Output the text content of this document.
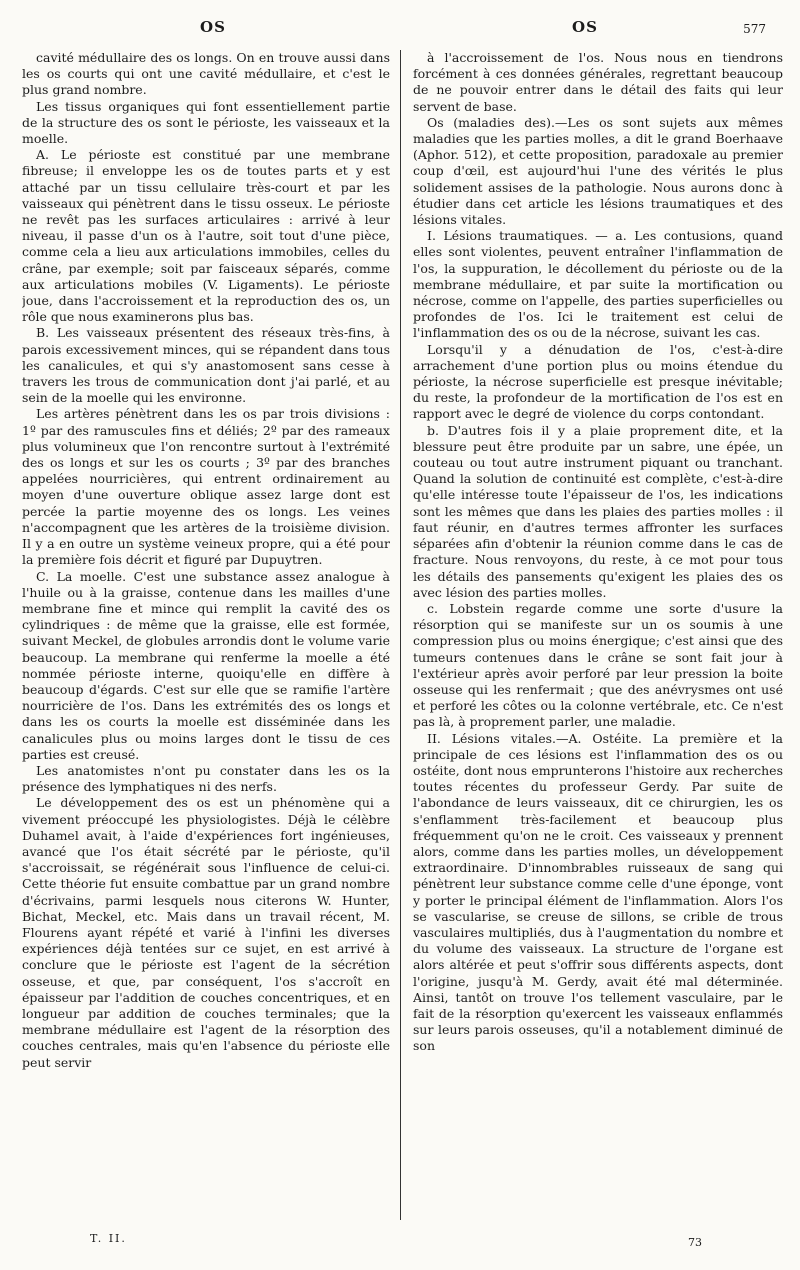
OS	OS	577

cavité médullaire des os longs. On en trouve aussi dans les os courts qui ont une cavité médullaire, et c'est le plus grand nombre.

Les tissus organiques qui font essentiellement partie de la structure des os sont le périoste, les vaisseaux et la moelle.

A. Le périoste est constitué par une membrane fibreuse; il enveloppe les os de toutes parts et y est attaché par un tissu cellulaire très-court et par les vaisseaux qui pénètrent dans le tissu osseux. Le périoste ne revêt pas les surfaces articulaires : arrivé à leur niveau, il passe d'un os à l'autre, soit tout d'une pièce, comme cela a lieu aux articulations immobiles, celles du crâne, par exemple; soit par faisceaux séparés, comme aux articulations mobiles (V. Ligaments). Le périoste joue, dans l'accroissement et la reproduction des os, un rôle que nous examinerons plus bas.

B. Les vaisseaux présentent des réseaux très-fins, à parois excessivement minces, qui se répandent dans tous les canalicules, et qui s'y anastomosent sans cesse à travers les trous de communication dont j'ai parlé, et au sein de la moelle qui les environne.

Les artères pénètrent dans les os par trois divisions : 1º par des ramuscules fins et déliés; 2º par des rameaux plus volumineux que l'on rencontre surtout à l'extrémité des os longs et sur les os courts ; 3º par des branches appelées nourricières, qui entrent ordinairement au moyen d'une ouverture oblique assez large dont est percée la partie moyenne des os longs. Les veines n'accompagnent que les artères de la troisième division. Il y a en outre un système veineux propre, qui a été pour la première fois décrit et figuré par Dupuytren.

C. La moelle. C'est une substance assez analogue à l'huile ou à la graisse, contenue dans les mailles d'une membrane fine et mince qui remplit la cavité des os cylindriques : de même que la graisse, elle est formée, suivant Meckel, de globules arrondis dont le volume varie beaucoup. La membrane qui renferme la moelle a été nommée périoste interne, quoiqu'elle en diffère à beaucoup d'égards. C'est sur elle que se ramifie l'artère nourricière de l'os. Dans les extrémités des os longs et dans les os courts la moelle est disséminée dans les canalicules plus ou moins larges dont le tissu de ces parties est creusé.

Les anatomistes n'ont pu constater dans les os la présence des lymphatiques ni des nerfs.

Le développement des os est un phénomène qui a vivement préoccupé les physiologistes. Déjà le célèbre Duhamel avait, à l'aide d'expériences fort ingénieuses, avancé que l'os était sécrété par le périoste, qu'il s'accroissait, se régénérait sous l'influence de celui-ci. Cette théorie fut ensuite combattue par un grand nombre d'écrivains, parmi lesquels nous citerons W. Hunter, Bichat, Meckel, etc. Mais dans un travail récent, M. Flourens ayant répété et varié à l'infini les diverses expériences déjà tentées sur ce sujet, en est arrivé à conclure que le périoste est l'agent de la sécrétion osseuse, et que, par conséquent, l'os s'accroît en épaisseur par l'addition de couches concentriques, et en longueur par addition de couches terminales; que la membrane médullaire est l'agent de la résorption des couches centrales, mais qu'en l'absence du périoste elle peut servir

à l'accroissement de l'os. Nous nous en tiendrons forcément à ces données générales, regrettant beaucoup de ne pouvoir entrer dans le détail des faits qui leur servent de base.

Os (maladies des).—Les os sont sujets aux mêmes maladies que les parties molles, a dit le grand Boerhaave (Aphor. 512), et cette proposition, paradoxale au premier coup d'œil, est aujourd'hui l'une des vérités le plus solidement assises de la pathologie. Nous aurons donc à étudier dans cet article les lésions traumatiques et des lésions vitales.

I. Lésions traumatiques. — a. Les contusions, quand elles sont violentes, peuvent entraîner l'inflammation de l'os, la suppuration, le décollement du périoste ou de la membrane médullaire, et par suite la mortification ou nécrose, comme on l'appelle, des parties superficielles ou profondes de l'os. Ici le traitement est celui de l'inflammation des os ou de la nécrose, suivant les cas.

Lorsqu'il y a dénudation de l'os, c'est-à-dire arrachement d'une portion plus ou moins étendue du périoste, la nécrose superficielle est presque inévitable; du reste, la profondeur de la mortification de l'os est en rapport avec le degré de violence du corps contondant.

b. D'autres fois il y a plaie proprement dite, et la blessure peut être produite par un sabre, une épée, un couteau ou tout autre instrument piquant ou tranchant. Quand la solution de continuité est complète, c'est-à-dire qu'elle intéresse toute l'épaisseur de l'os, les indications sont les mêmes que dans les plaies des parties molles : il faut réunir, en d'autres termes affronter les surfaces séparées afin d'obtenir la réunion comme dans le cas de fracture. Nous renvoyons, du reste, à ce mot pour tous les détails des pansements qu'exigent les plaies des os avec lésion des parties molles.

c. Lobstein regarde comme une sorte d'usure la résorption qui se manifeste sur un os soumis à une compression plus ou moins énergique; c'est ainsi que des tumeurs contenues dans le crâne se sont fait jour à l'extérieur après avoir perforé par leur pression la boite osseuse qui les renfermait ; que des anévrysmes ont usé et perforé les côtes ou la colonne vertébrale, etc. Ce n'est pas là, à proprement parler, une maladie.

II. Lésions vitales.—A. Ostéite. La première et la principale de ces lésions est l'inflammation des os ou ostéite, dont nous emprunterons l'histoire aux recherches toutes récentes du professeur Gerdy. Par suite de l'abondance de leurs vaisseaux, dit ce chirurgien, les os s'enflamment très-facilement et beaucoup plus fréquemment qu'on ne le croit. Ces vaisseaux y prennent alors, comme dans les parties molles, un développement extraordinaire. D'innombrables ruisseaux de sang qui pénètrent leur substance comme celle d'une éponge, vont y porter le principal élément de l'inflammation. Alors l'os se vascularise, se creuse de sillons, se crible de trous vasculaires multipliés, dus à l'augmentation du nombre et du volume des vaisseaux. La structure de l'organe est alors altérée et peut s'offrir sous différents aspects, dont l'origine, jusqu'à M. Gerdy, avait été mal déterminée. Ainsi, tantôt on trouve l'os tellement vasculaire, par le fait de la résorption qu'exercent les vaisseaux enflammés sur leurs parois osseuses, qu'il a notablement diminué de son

T. II.	73
